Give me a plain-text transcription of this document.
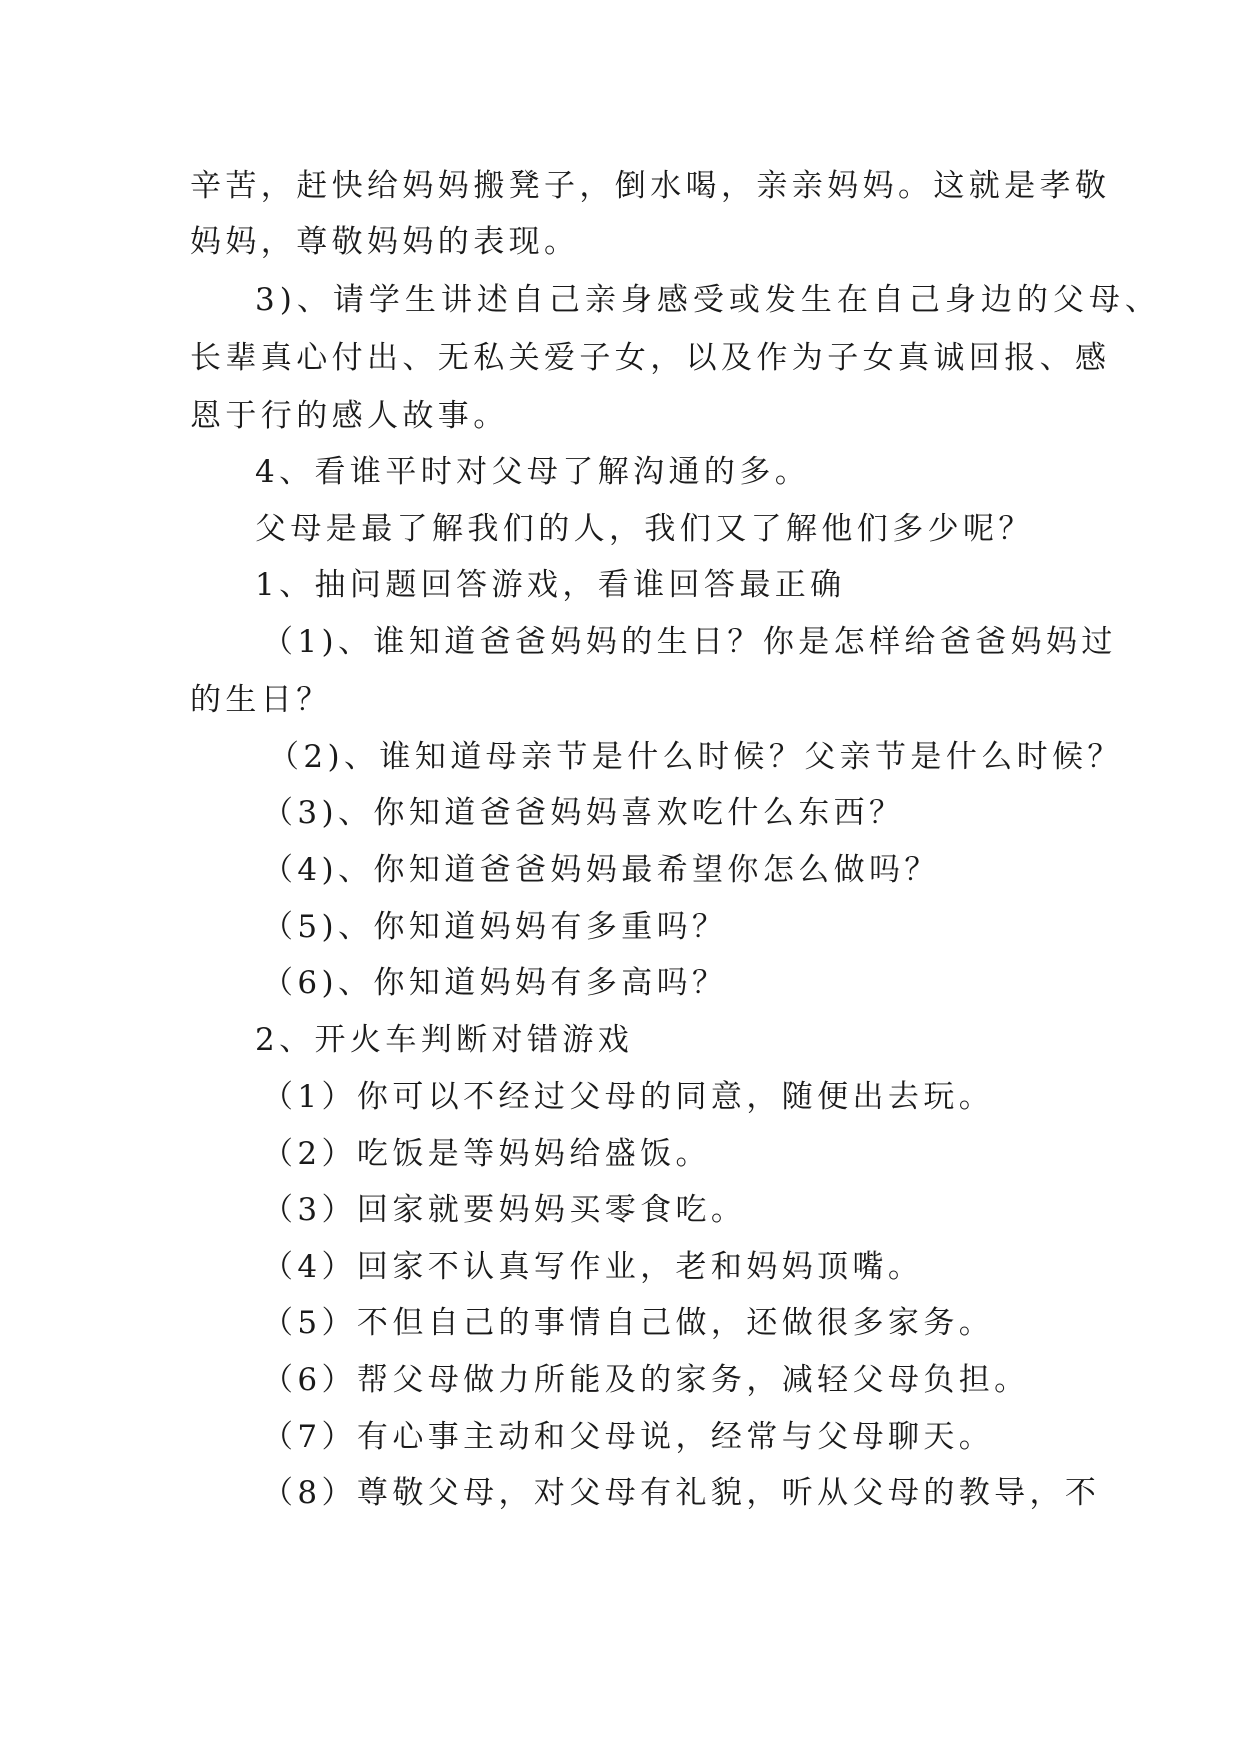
辛苦，赶快给妈妈搬凳子，倒水喝，亲亲妈妈。这就是孝敬
妈妈，尊敬妈妈的表现。
3)、请学生讲述自己亲身感受或发生在自己身边的父母、
长辈真心付出、无私关爱子女，以及作为子女真诚回报、感
恩于行的感人故事。
4、看谁平时对父母了解沟通的多。
父母是最了解我们的人，我们又了解他们多少呢？
1、抽问题回答游戏，看谁回答最正确
（1)、谁知道爸爸妈妈的生日？你是怎样给爸爸妈妈过
的生日？
（2)、谁知道母亲节是什么时候？父亲节是什么时候？
（3)、你知道爸爸妈妈喜欢吃什么东西？
（4)、你知道爸爸妈妈最希望你怎么做吗？
（5)、你知道妈妈有多重吗？
（6)、你知道妈妈有多高吗？
2、开火车判断对错游戏
（1）你可以不经过父母的同意，随便出去玩。
（2）吃饭是等妈妈给盛饭。
（3）回家就要妈妈买零食吃。
（4）回家不认真写作业，老和妈妈顶嘴。
（5）不但自己的事情自己做，还做很多家务。
（6）帮父母做力所能及的家务，减轻父母负担。
（7）有心事主动和父母说，经常与父母聊天。
（8）尊敬父母，对父母有礼貌，听从父母的教导，不
